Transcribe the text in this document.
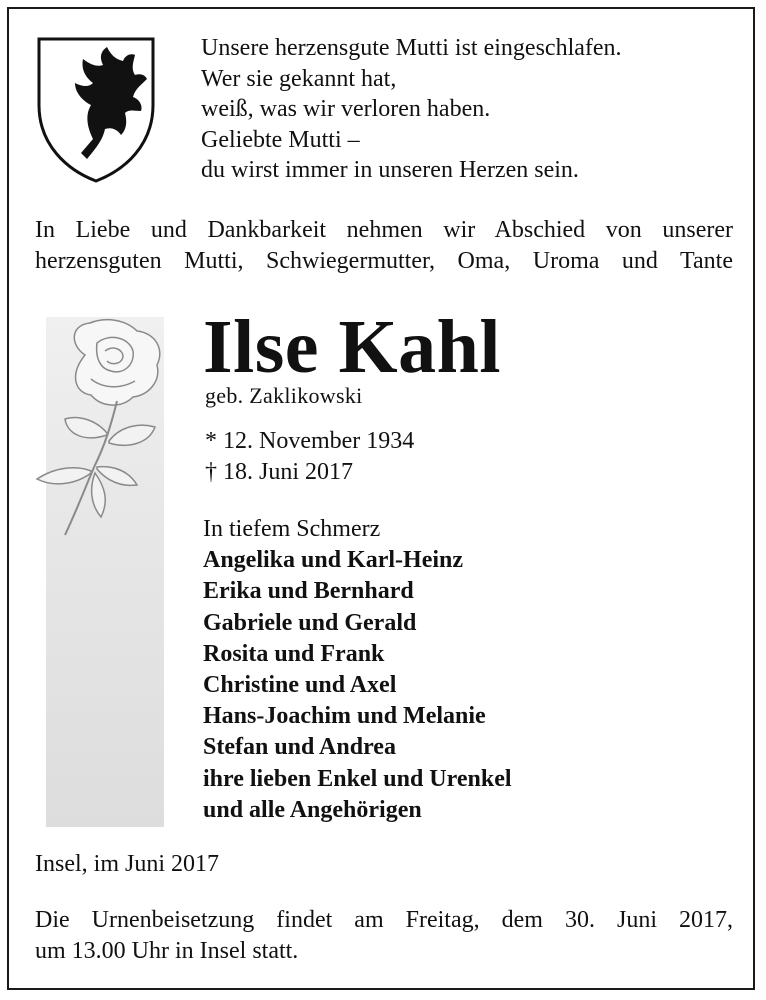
Unsere herzensgute Mutti ist eingeschlafen.
Wer sie gekannt hat,
weiß, was wir verloren haben.
Geliebte Mutti –
du wirst immer in unseren Herzen sein.
In Liebe und Dankbarkeit nehmen wir Abschied von unserer
herzensguten Mutti, Schwiegermutter, Oma, Uroma und Tante
Ilse Kahl
geb. Zaklikowski
* 12. November 1934
† 18. Juni 2017
In tiefem Schmerz
Angelika und Karl-Heinz
Erika und Bernhard
Gabriele und Gerald
Rosita und Frank
Christine und Axel
Hans-Joachim und Melanie
Stefan und Andrea
ihre lieben Enkel und Urenkel
und alle Angehörigen
Insel, im Juni 2017
Die Urnenbeisetzung findet am Freitag, dem 30. Juni 2017,
um 13.00 Uhr in Insel statt.
